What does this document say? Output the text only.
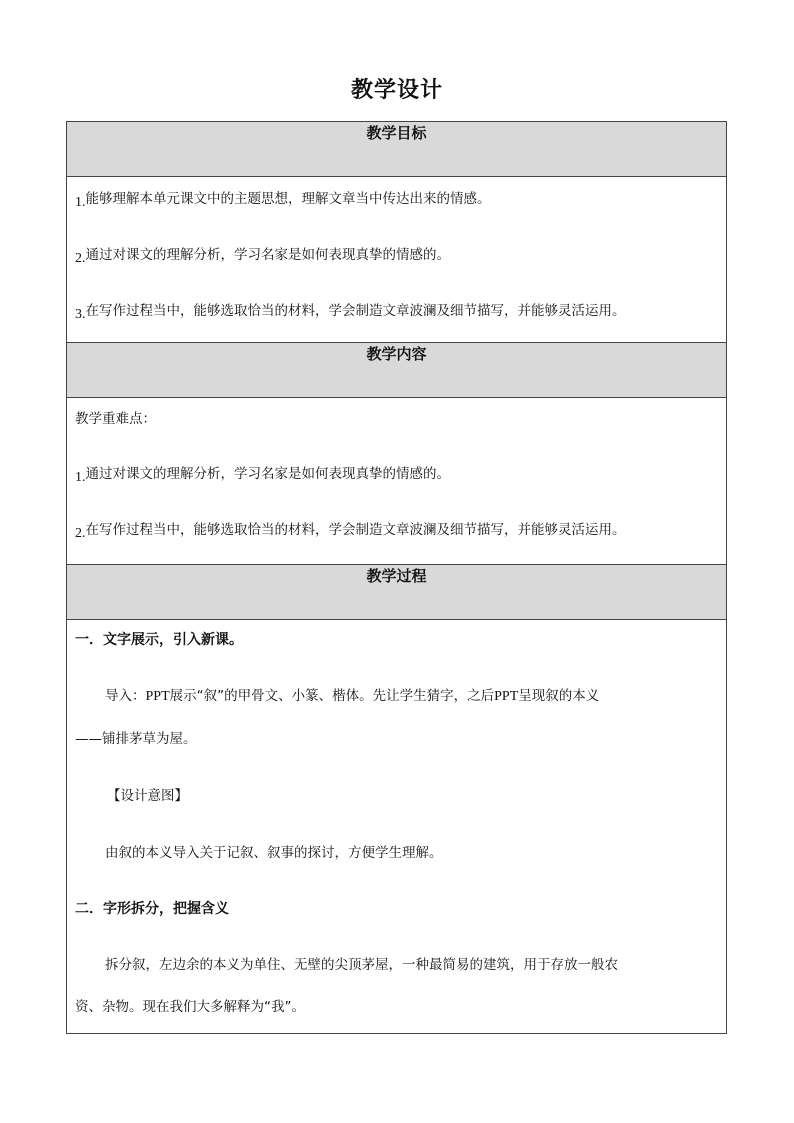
教学设计
教学目标

1.能够理解本单元课文中的主题思想，理解文章当中传达出来的情感。
2.通过对课文的理解分析，学习名家是如何表现真挚的情感的。
3.在写作过程当中，能够选取恰当的材料，学会制造文章波澜及细节描写，并能够灵活运用。

教学内容

教学重难点：
1.通过对课文的理解分析，学习名家是如何表现真挚的情感的。
2.在写作过程当中，能够选取恰当的材料，学会制造文章波澜及细节描写，并能够灵活运用。

教学过程

一．文字展示，引入新课。
导入：PPT展示“叙”的甲骨文、小篆、楷体。先让学生猜字，之后PPT呈现叙的本义
——铺排茅草为屋。
【设计意图】
由叙的本义导入关于记叙、叙事的探讨，方便学生理解。
二．字形拆分，把握含义
拆分叙，左边余的本义为单住、无壁的尖顶茅屋，一种最简易的建筑，用于存放一般农
资、杂物。现在我们大多解释为“我”。
